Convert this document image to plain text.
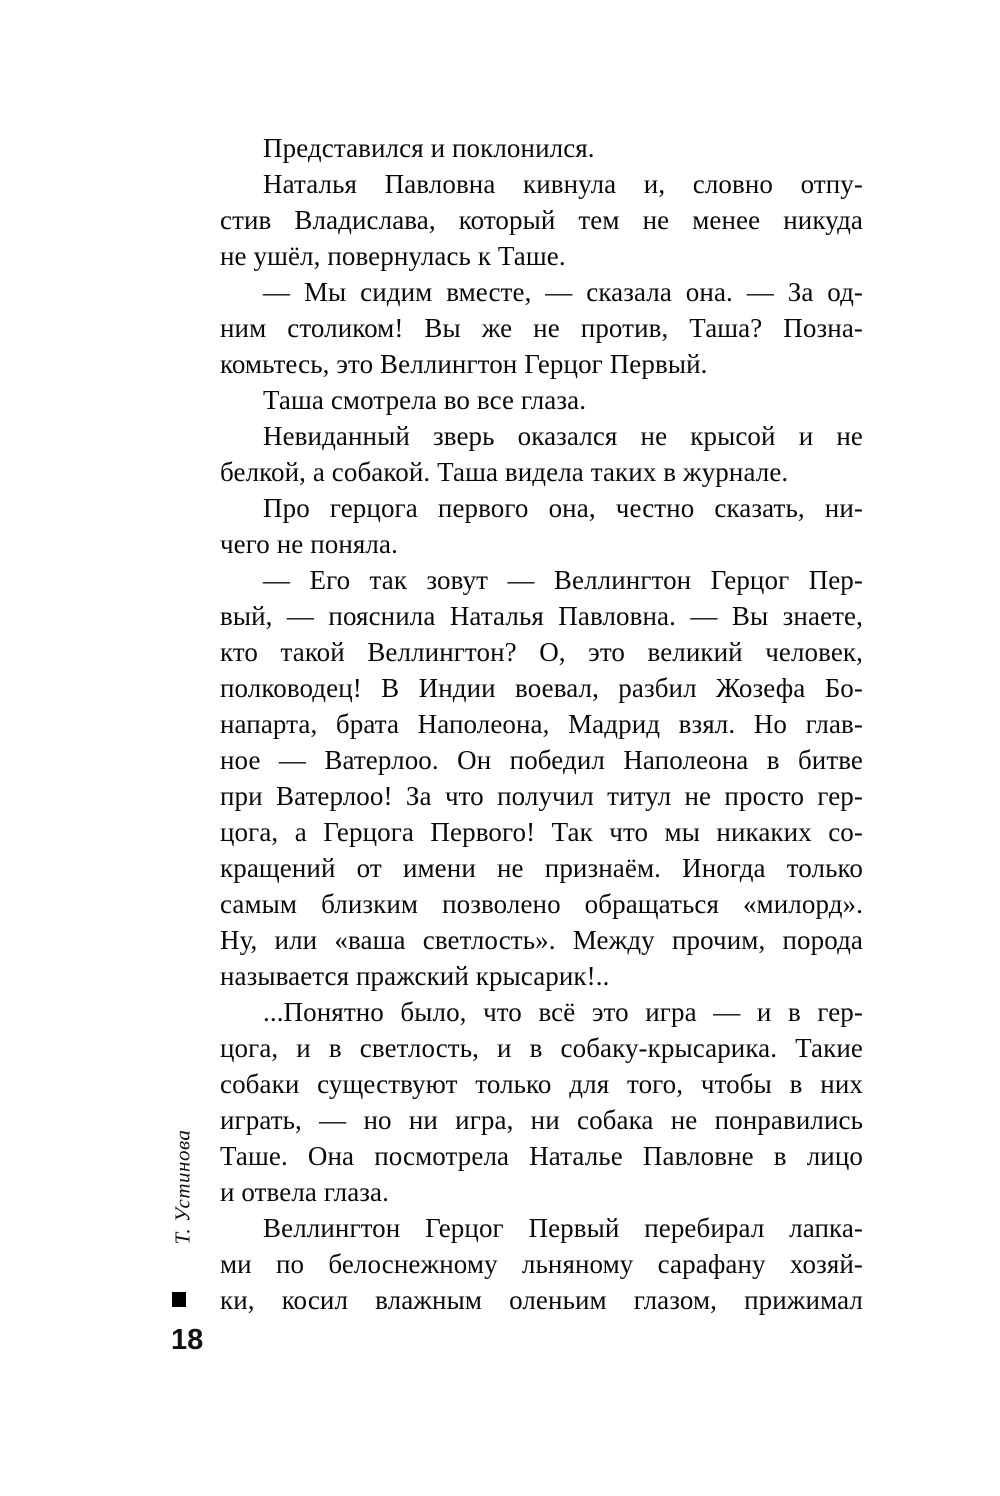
Т. Устинова
18
Представился и поклонился.
Наталья Павловна кивнула и, словно отпу-
стив Владислава, который тем не менее никуда
не ушёл, повернулась к Таше.
— Мы сидим вместе, — сказала она. — За од-
ним столиком! Вы же не против, Таша? Позна-
комьтесь, это Веллингтон Герцог Первый.
Таша смотрела во все глаза.
Невиданный зверь оказался не крысой и не
белкой, а собакой. Таша видела таких в журнале.
Про герцога первого она, честно сказать, ни-
чего не поняла.
— Его так зовут — Веллингтон Герцог Пер-
вый, — пояснила Наталья Павловна. — Вы знаете,
кто такой Веллингтон? О, это великий человек,
полководец! В Индии воевал, разбил Жозефа Бо-
напарта, брата Наполеона, Мадрид взял. Но глав-
ное — Ватерлоо. Он победил Наполеона в битве
при Ватерлоо! За что получил титул не просто гер-
цога, а Герцога Первого! Так что мы никаких со-
кращений от имени не признаём. Иногда только
самым близким позволено обращаться «милорд».
Ну, или «ваша светлость». Между прочим, порода
называется пражский крысарик!..
...Понятно было, что всё это игра — и в гер-
цога, и в светлость, и в собаку-крысарика. Такие
собаки существуют только для того, чтобы в них
играть, — но ни игра, ни собака не понравились
Таше. Она посмотрела Наталье Павловне в лицо
и отвела глаза.
Веллингтон Герцог Первый перебирал лапка-
ми по белоснежному льняному сарафану хозяй-
ки, косил влажным оленьим глазом, прижимал
